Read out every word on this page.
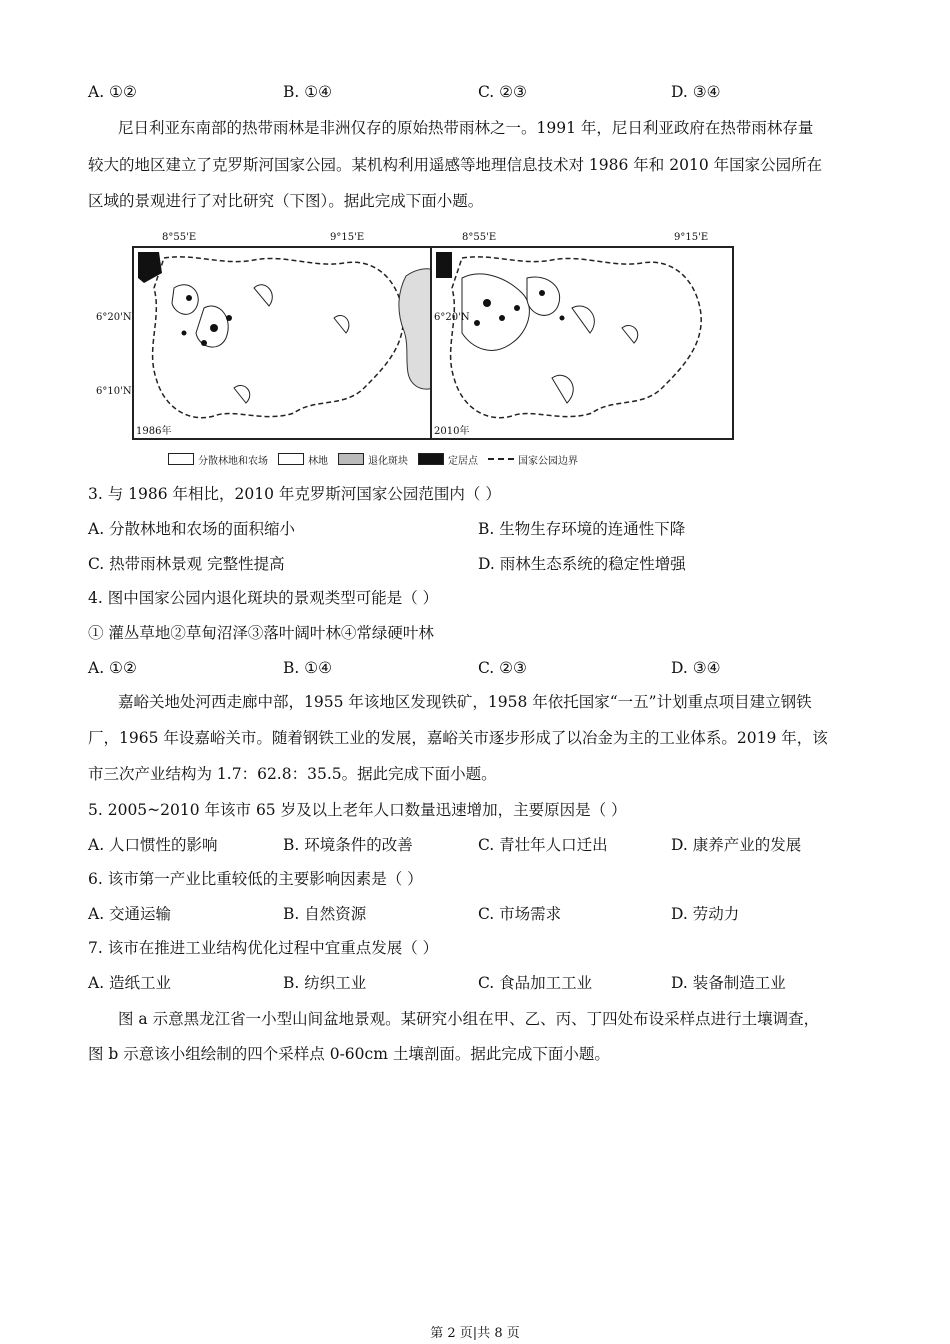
A. ①②	B. ①④	C. ②③	D. ③④
尼日利亚东南部的热带雨林是非洲仅存的原始热带雨林之一。1991 年，尼日利亚政府在热带雨林存量
较大的地区建立了克罗斯河国家公园。某机构利用遥感等地理信息技术对 1986 年和 2010 年国家公园所在
区域的景观进行了对比研究（下图）。据此完成下面小题。
8°55'E	9°15'E
6°20'N
6°10'N
1986年
8°55'E	9°15'E
6°20'N
2010年
分散林地和农场	林地	退化斑块	定居点	国家公园边界
3. 与 1986 年相比，2010 年克罗斯河国家公园范围内（ ）
A. 分散林地和农场的面积缩小	B. 生物生存环境的连通性下降
C. 热带雨林景观 完整性提高	D. 雨林生态系统的稳定性增强
4. 图中国家公园内退化斑块的景观类型可能是（ ）
① 灌丛草地②草甸沼泽③落叶阔叶林④常绿硬叶林
A. ①②	B. ①④	C. ②③	D. ③④
嘉峪关地处河西走廊中部，1955 年该地区发现铁矿，1958 年依托国家“一五”计划重点项目建立钢铁
厂，1965 年设嘉峪关市。随着钢铁工业的发展，嘉峪关市逐步形成了以冶金为主的工业体系。2019 年，该
市三次产业结构为 1.7：62.8：35.5。据此完成下面小题。
5. 2005~2010 年该市 65 岁及以上老年人口数量迅速增加，主要原因是（ ）
A. 人口惯性的影响	B. 环境条件的改善	C. 青壮年人口迁出	D. 康养产业的发展
6. 该市第一产业比重较低的主要影响因素是（ ）
A. 交通运输	B. 自然资源	C. 市场需求	D. 劳动力
7. 该市在推进工业结构优化过程中宜重点发展（ ）
A. 造纸工业	B. 纺织工业	C. 食品加工工业	D. 装备制造工业
图 a 示意黑龙江省一小型山间盆地景观。某研究小组在甲、乙、丙、丁四处布设采样点进行土壤调查，
图 b 示意该小组绘制的四个采样点 0-60cm 土壤剖面。据此完成下面小题。
第 2 页|共 8 页
